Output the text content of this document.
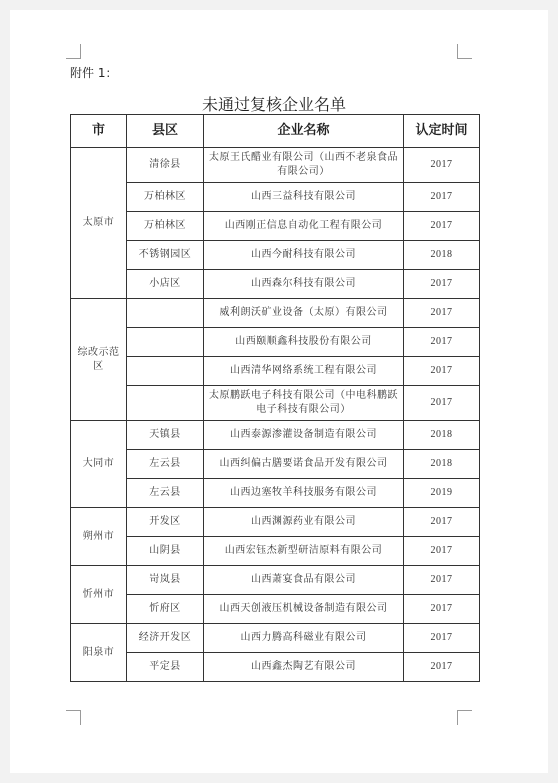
附件 1：
未通过复核企业名单
市	县区	企业名称	认定时间
太原市	清徐县	太原王氏醋业有限公司（山西不老泉食品有限公司）	2017
	万柏林区	山西三益科技有限公司	2017
	万柏林区	山西刚正信息自动化工程有限公司	2017
	不锈钢园区	山西今耐科技有限公司	2018
	小店区	山西森尔科技有限公司	2017
综改示范区		威利朗沃矿业设备（太原）有限公司	2017
		山西颐顺鑫科技股份有限公司	2017
		山西清华网络系统工程有限公司	2017
		太原鹏跃电子科技有限公司（中电科鹏跃电子科技有限公司）	2017
大同市	天镇县	山西泰源渗灌设备制造有限公司	2018
	左云县	山西纠偏古膳要诺食品开发有限公司	2018
	左云县	山西边塞牧羊科技服务有限公司	2019
朔州市	开发区	山西渊源药业有限公司	2017
	山阴县	山西宏钰杰新型研洁原料有限公司	2017
忻州市	岢岚县	山西萧宴食品有限公司	2017
	忻府区	山西天创液压机械设备制造有限公司	2017
阳泉市	经济开发区	山西力腾高科磁业有限公司	2017
	平定县	山西鑫杰陶艺有限公司	2017
